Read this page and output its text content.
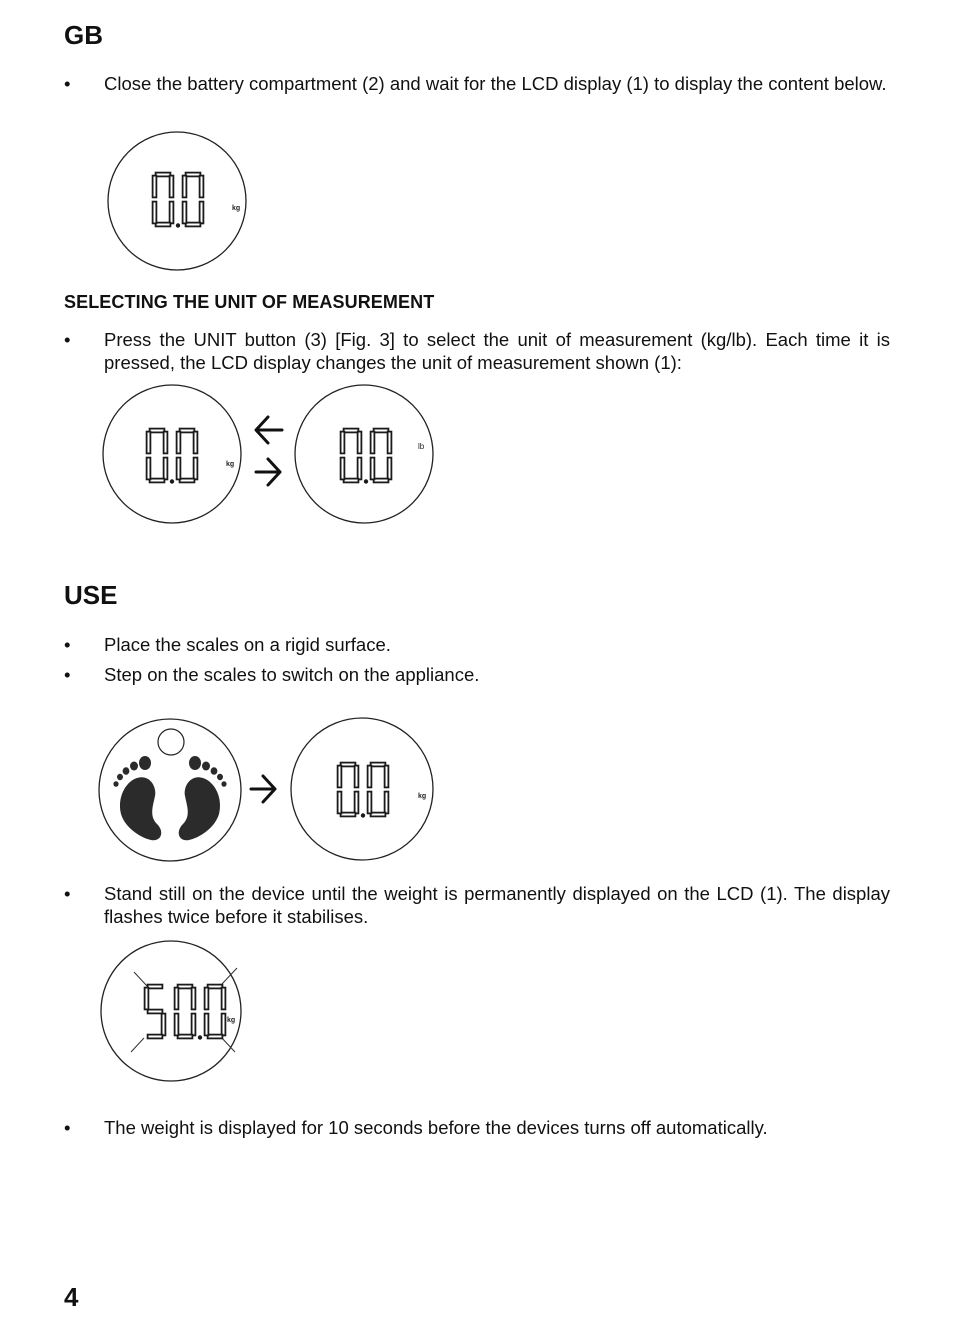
GB

• Close the battery compartment (2) and wait for the LCD display (1) to display the content below.
kg

SELECTING THE UNIT OF MEASUREMENT

• Press the UNIT button (3) [Fig. 3] to select the unit of measurement (kg/lb). Each time it is pressed, the LCD display changes the unit of measurement shown (1):
kg
lb

USE

• Place the scales on a rigid surface.
• Step on the scales to switch on the appliance.
kg
• Stand still on the device until the weight is permanently displayed on the LCD (1). The display flashes twice before it stabilises.
kg
• The weight is displayed for 10 seconds before the devices turns off automatically.

4
